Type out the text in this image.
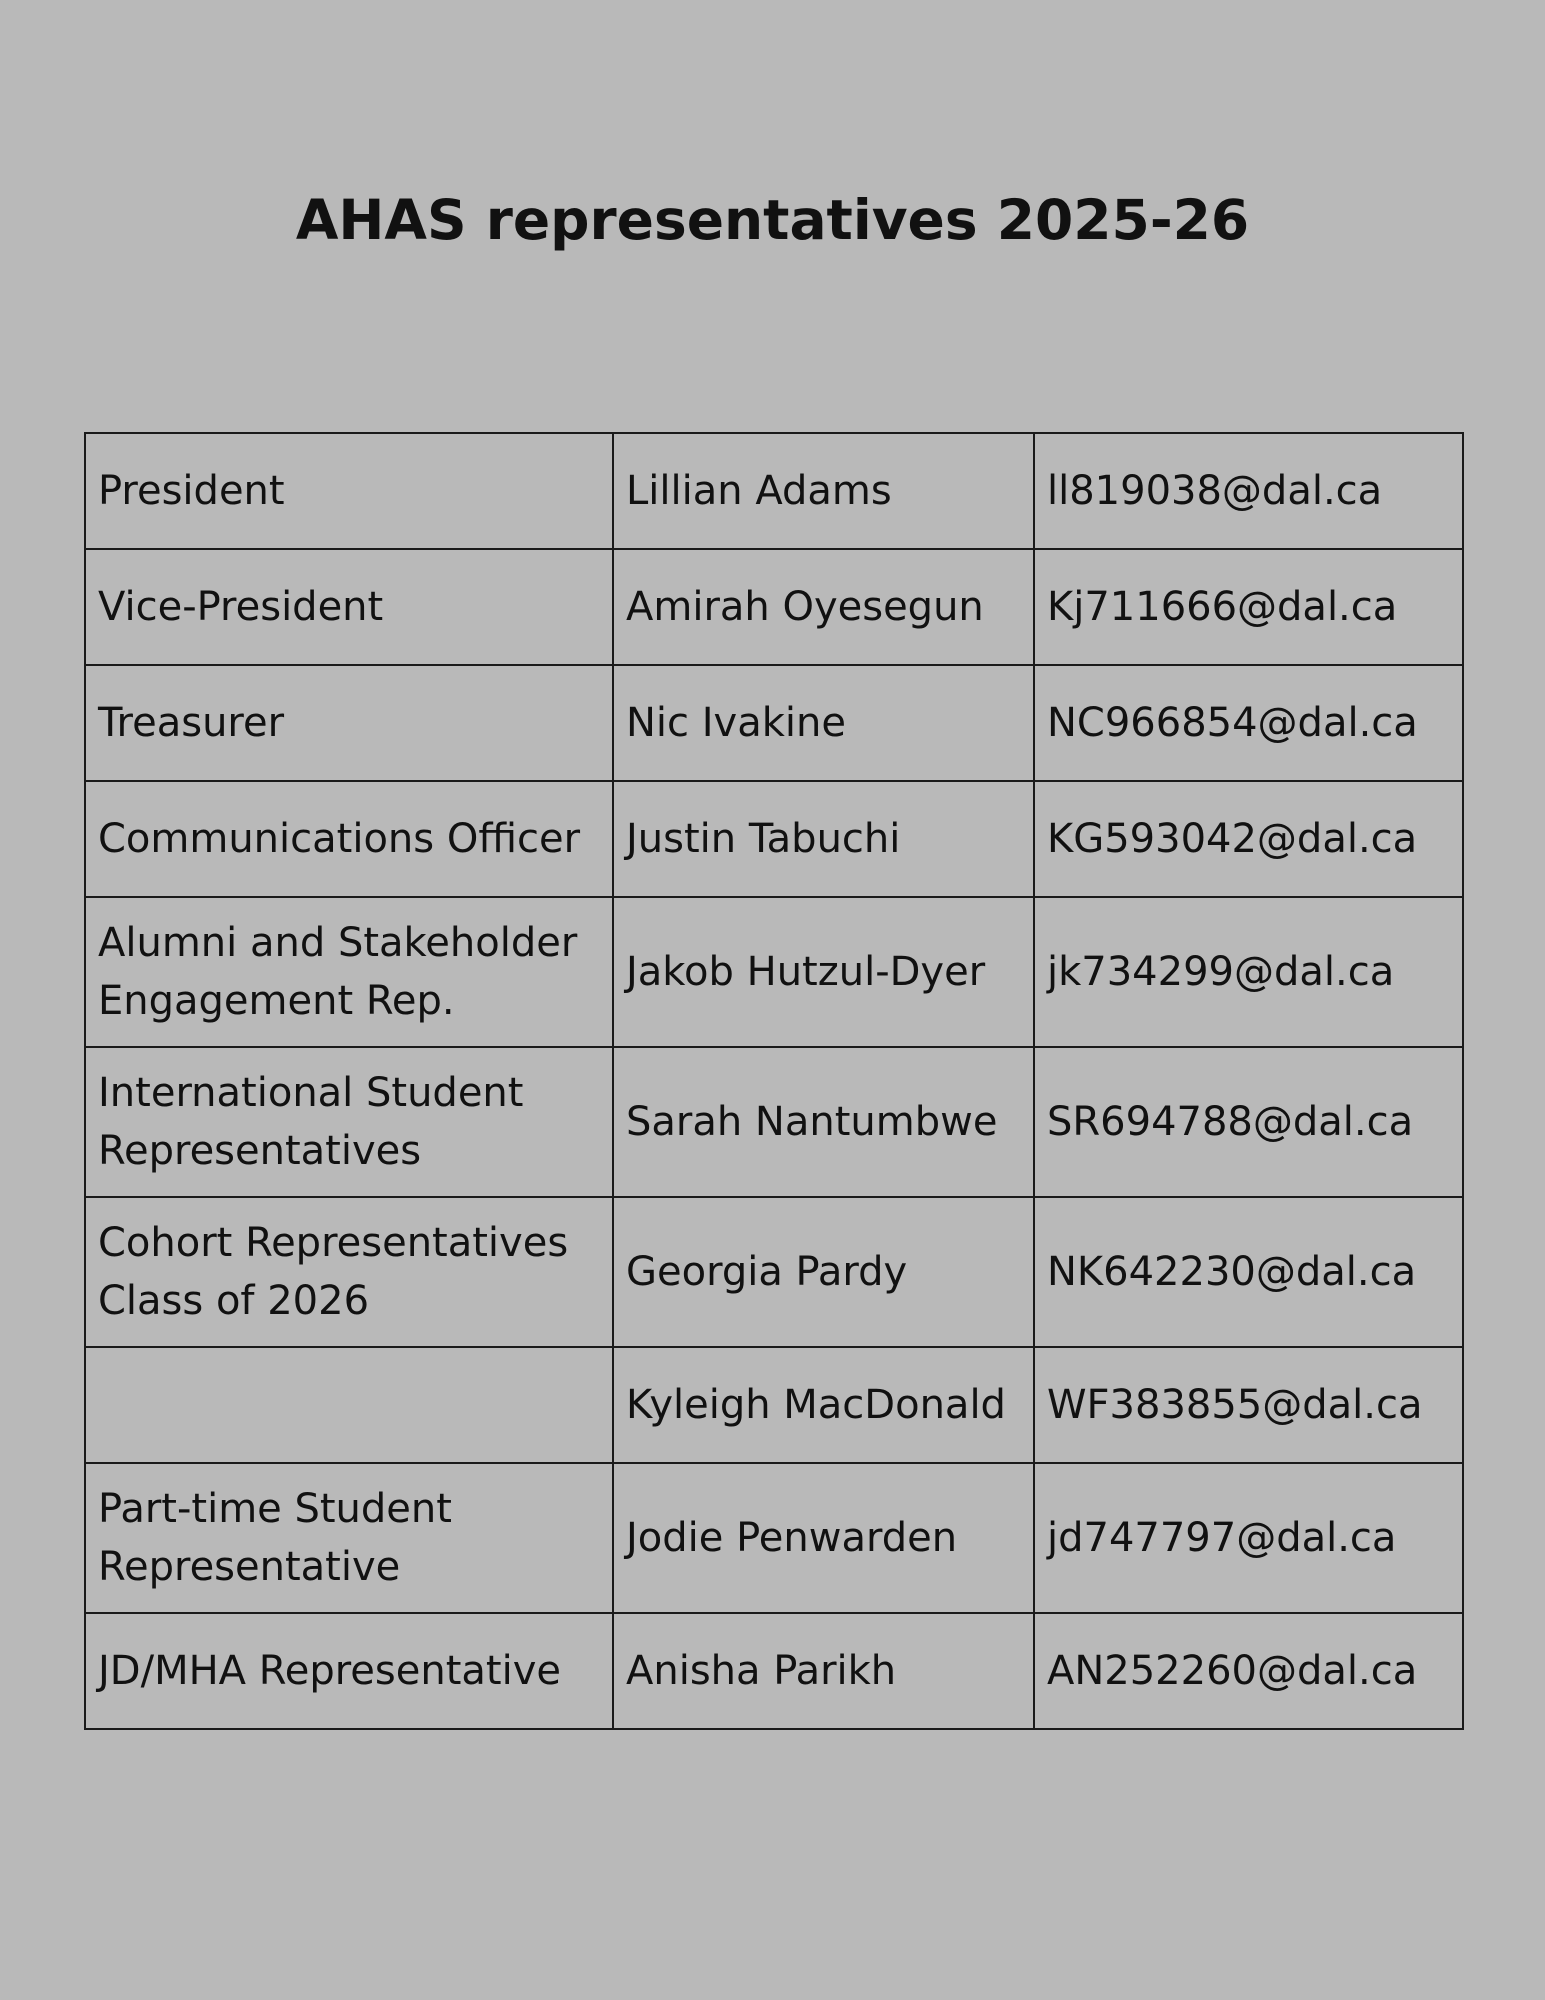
AHAS representatives 2025-26
President	Lillian Adams	ll819038@dal.ca
Vice-President	Amirah Oyesegun	Kj711666@dal.ca
Treasurer	Nic Ivakine	NC966854@dal.ca
Communications Officer	Justin Tabuchi	KG593042@dal.ca
Alumni and Stakeholder Engagement Rep.	Jakob Hutzul-Dyer	jk734299@dal.ca
International Student Representatives	Sarah Nantumbwe	SR694788@dal.ca
Cohort Representatives Class of 2026	Georgia Pardy	NK642230@dal.ca
	Kyleigh MacDonald	WF383855@dal.ca
Part-time Student Representative	Jodie Penwarden	jd747797@dal.ca
JD/MHA Representative	Anisha Parikh	AN252260@dal.ca
